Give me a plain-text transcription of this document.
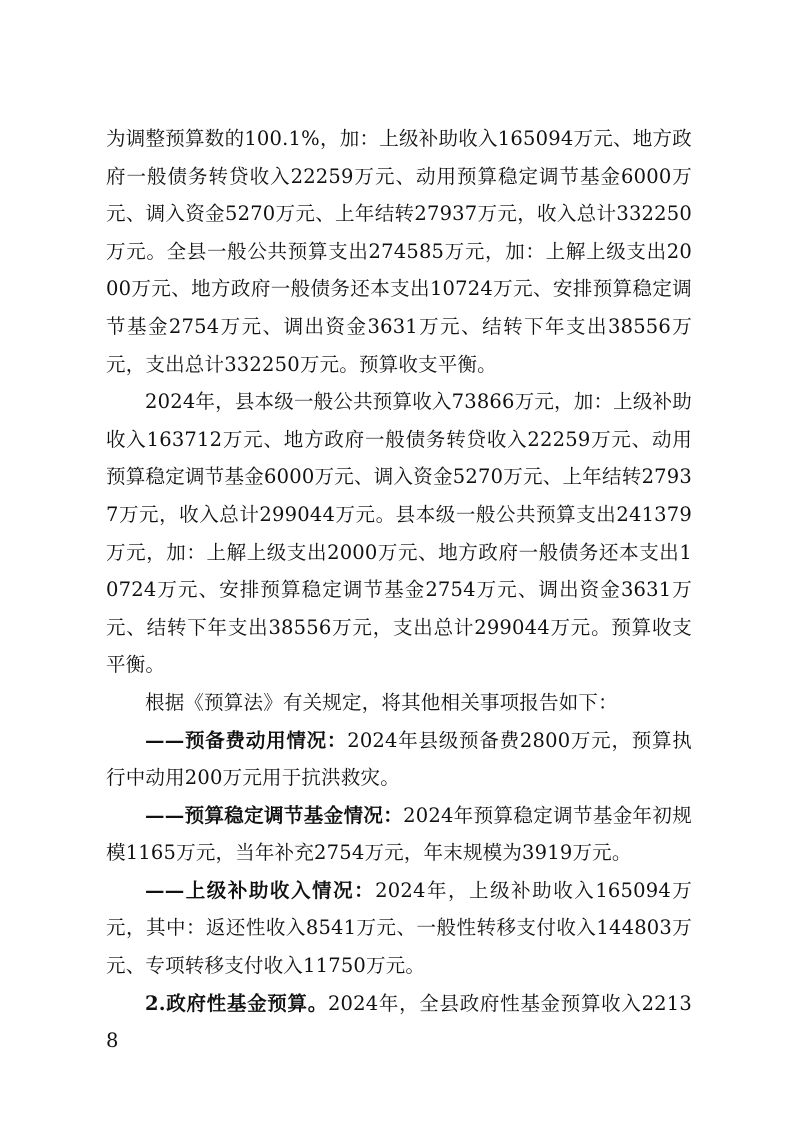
为调整预算数的100.1%，加：上级补助收入165094万元、地方政府一般债务转贷收入22259万元、动用预算稳定调节基金6000万元、调入资金5270万元、上年结转27937万元，收入总计332250万元。全县一般公共预算支出274585万元，加：上解上级支出2000万元、地方政府一般债务还本支出10724万元、安排预算稳定调节基金2754万元、调出资金3631万元、结转下年支出38556万元，支出总计332250万元。预算收支平衡。

2024年，县本级一般公共预算收入73866万元，加：上级补助收入163712万元、地方政府一般债务转贷收入22259万元、动用预算稳定调节基金6000万元、调入资金5270万元、上年结转27937万元，收入总计299044万元。县本级一般公共预算支出241379万元，加：上解上级支出2000万元、地方政府一般债务还本支出10724万元、安排预算稳定调节基金2754万元、调出资金3631万元、结转下年支出38556万元，支出总计299044万元。预算收支平衡。

根据《预算法》有关规定，将其他相关事项报告如下：

——预备费动用情况：2024年县级预备费2800万元，预算执行中动用200万元用于抗洪救灾。

——预算稳定调节基金情况：2024年预算稳定调节基金年初规模1165万元，当年补充2754万元，年末规模为3919万元。

——上级补助收入情况：2024年，上级补助收入165094万元，其中：返还性收入8541万元、一般性转移支付收入144803万元、专项转移支付收入11750万元。

2.政府性基金预算。2024年，全县政府性基金预算收入22138
